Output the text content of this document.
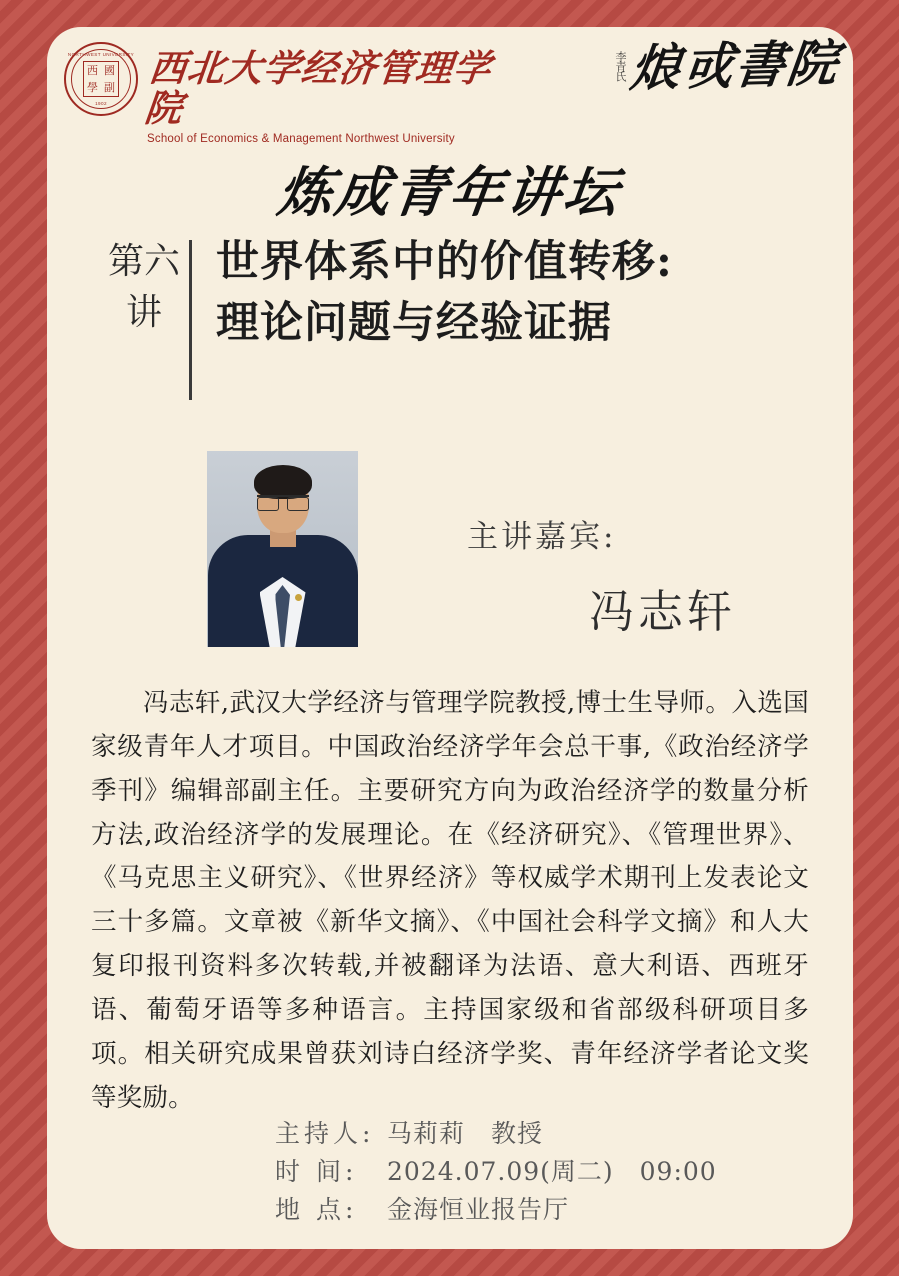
NORTHWEST UNIVERSITY
1902
西 國
學 副 西北大学经济管理学院
School of Economics & Management Northwest University
李青氏 烺戓書院
炼成青年讲坛
第六讲
世界体系中的价值转移:
理论问题与经验证据
主讲嘉宾:
冯志轩
冯志轩,武汉大学经济与管理学院教授,博士生导师。入选国家级青年人才项目。中国政治经济学年会总干事,《政治经济学季刊》编辑部副主任。主要研究方向为政治经济学的数量分析方法,政治经济学的发展理论。在《经济研究》、《管理世界》、《马克思主义研究》、《世界经济》等权威学术期刊上发表论文三十多篇。文章被《新华文摘》、《中国社会科学文摘》和人大复印报刊资料多次转载,并被翻译为法语、意大利语、西班牙语、葡萄牙语等多种语言。主持国家级和省部级科研项目多项。相关研究成果曾获刘诗白经济学奖、青年经济学者论文奖等奖励。
主持人: 马莉莉 教授
时 间:	2024.07.09(周二) 09:00
地 点:	金海恒业报告厅
